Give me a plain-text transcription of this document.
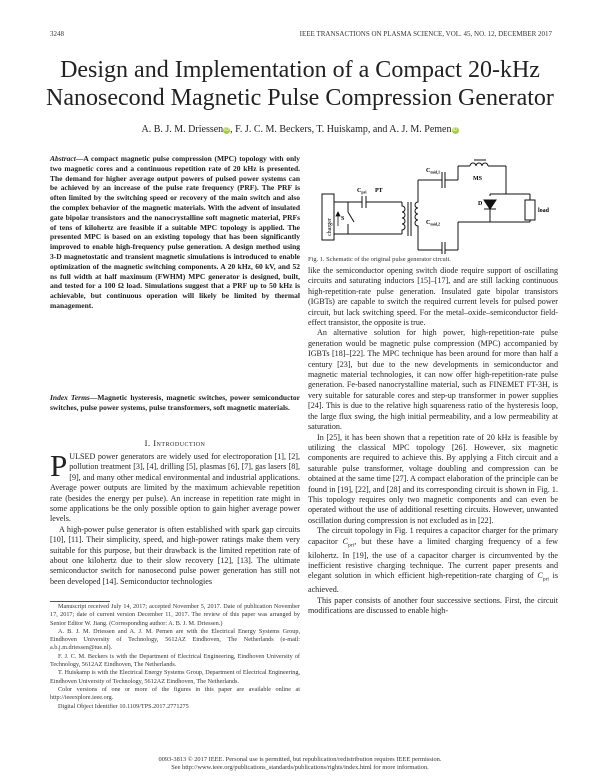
3248	IEEE TRANSACTIONS ON PLASMA SCIENCE, VOL. 45, NO. 12, DECEMBER 2017
Design and Implementation of a Compact 20-kHz
Nanosecond Magnetic Pulse Compression Generator
A. B. J. M. DriesseniD, F. J. C. M. Beckers, T. Huiskamp, and A. J. M. PemeniD
Abstract—A compact magnetic pulse compression (MPC) topology with only two magnetic cores and a continuous repetition rate of 20 kHz is presented. The demand for higher average output powers of pulsed power systems can be achieved by an increase of the pulse rate frequency (PRF). The PRF is often limited by the switching speed or recovery of the main switch and also the complex behavior of the magnetic materials. With the advent of insulated gate bipolar transistors and the nanocrystalline soft magnetic material, PRFs of tens of kilohertz are feasible if a suitable MPC topology is applied. The presented MPC is based on an existing topology that has been significantly improved to enable high-frequency pulse generation. A design method using 3-D magnetostatic and transient magnetic simulations is introduced to enable optimization of the magnetic switching components. A 20 kHz, 60 kV, and 52 ns full width at half maximum (FWHM) MPC generator is designed, built, and tested for a 100 Ω load. Simulations suggest that a PRF up to 50 kHz is achievable, but continuous operation will likely be limited by thermal management.
Index Terms—Magnetic hysteresis, magnetic switches, power semiconductor switches, pulse power systems, pulse transformers, soft magnetic materials.
I. Introduction

PULSED power generators are widely used for electroporation [1], [2], pollution treatment [3], [4], drilling [5], plasmas [6], [7], gas lasers [8], [9], and many other medical environmental and industrial applications. Average power outputs are limited by the maximum achievable repetition rate (besides the energy per pulse). An increase in repetition rate might in some applications be the only possible option to gain higher average power levels.

A high-power pulse generator is often established with spark gap circuits [10], [11]. Their simplicity, speed, and high-power ratings make them very suitable for this purpose, but their drawback is the limited repetition rate of about one kilohertz due to their slow recovery [12], [13]. The ultimate semiconductor switch for nanosecond pulse power generation has still not been developed [14]. Semiconductor technologies

Manuscript received July 14, 2017; accepted November 5, 2017. Date of publication November 17, 2017; date of current version December 11, 2017. The review of this paper was arranged by Senior Editor W. Jiang. (Corresponding author: A. B. J. M. Driessen.)

A. B. J. M. Driessen and A. J. M. Pemen are with the Electrical Energy Systems Group, Eindhoven University of Technology, 5612AZ Eindhoven, The Netherlands (e-mail: a.b.j.m.driessen@tue.nl).

F. J. C. M. Beckers is with the Department of Electrical Engineering, Eindhoven University of Technology, 5612AZ Eindhoven, The Netherlands.

T. Huiskamp is with the Electrical Energy Systems Group, Department of Electrical Engineering, Eindhoven University of Technology, 5612AZ Eindhoven, The Netherlands.

Color versions of one or more of the figures in this paper are available online at http://ieeexplore.ieee.org.

Digital Object Identifier 10.1109/TPS.2017.2771275

charger
$C_{pri}$ PT
S
$C_{mid,1}$
$C_{mid,2}$
MS
D
load
Fig. 1. Schematic of the original pulse generator circuit.

like the semiconductor opening switch diode require support of oscillating circuits and saturating inductors [15]–[17], and are still lacking continuous high-repetition-rate pulse generation. Insulated gate bipolar transistors (IGBTs) are capable to switch the required current levels for pulsed power circuit, but lack switching speed. For the metal–oxide–semiconductor field-effect transistor, the opposite is true.

An alternative solution for high power, high-repetition-rate pulse generation would be magnetic pulse compression (MPC) accompanied by IGBTs [18]–[22]. The MPC technique has been around for more than half a century [23], but due to the new developments in semiconductor and magnetic material technologies, it can now offer high-repetition-rate pulse generation. Fe-based nanocrystalline material, such as FINEMET FT-3H, is very suitable for saturable cores and step-up transformer in power supplies [24]. This is due to the relative high squareness ratio of the hysteresis loop, the large flux swing, the high initial permeability, and a low permeability at saturation.

In [25], it has been shown that a repetition rate of 20 kHz is feasible by utilizing the classical MPC topology [26]. However, six magnetic components are required to achieve this. By applying a Fitch circuit and a saturable pulse transformer, voltage doubling and compression can be obtained at the same time [27]. A compact elaboration of the principle can be found in [19], [22], and [28] and its corresponding circuit is shown in Fig. 1. This topology requires only two magnetic components and can even be operated without the use of additional resetting circuits. However, unwanted oscillation during compression is not excluded as in [22].

The circuit topology in Fig. 1 requires a capacitor charger for the primary capacitor $C_{pri}$, but these have a limited charging frequency of a few kilohertz. In [19], the use of a capacitor charger is circumvented by the inefficient resistive charging technique. The current paper presents and elegant solution in which efficient high-repetition-rate charging of $C_{pri}$ is achieved.

This paper consists of another four successive sections. First, the circuit modifications are discussed to enable high-

0093-3813 © 2017 IEEE. Personal use is permitted, but republication/redistribution requires IEEE permission.
See http://www.ieee.org/publications_standards/publications/rights/index.html for more information.
